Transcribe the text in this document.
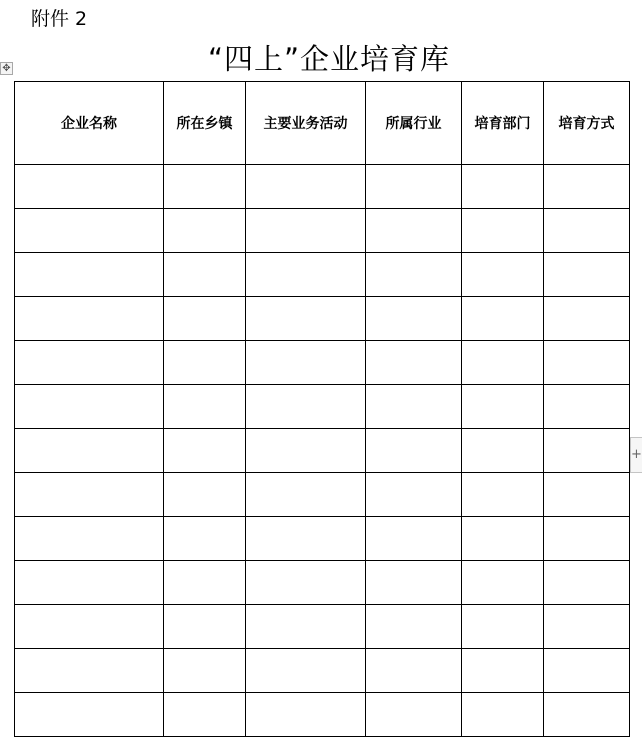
附件 2
“四上”企业培育库
✥
+
企业名称	所在乡镇	主要业务活动	所属行业	培育部门	培育方式
